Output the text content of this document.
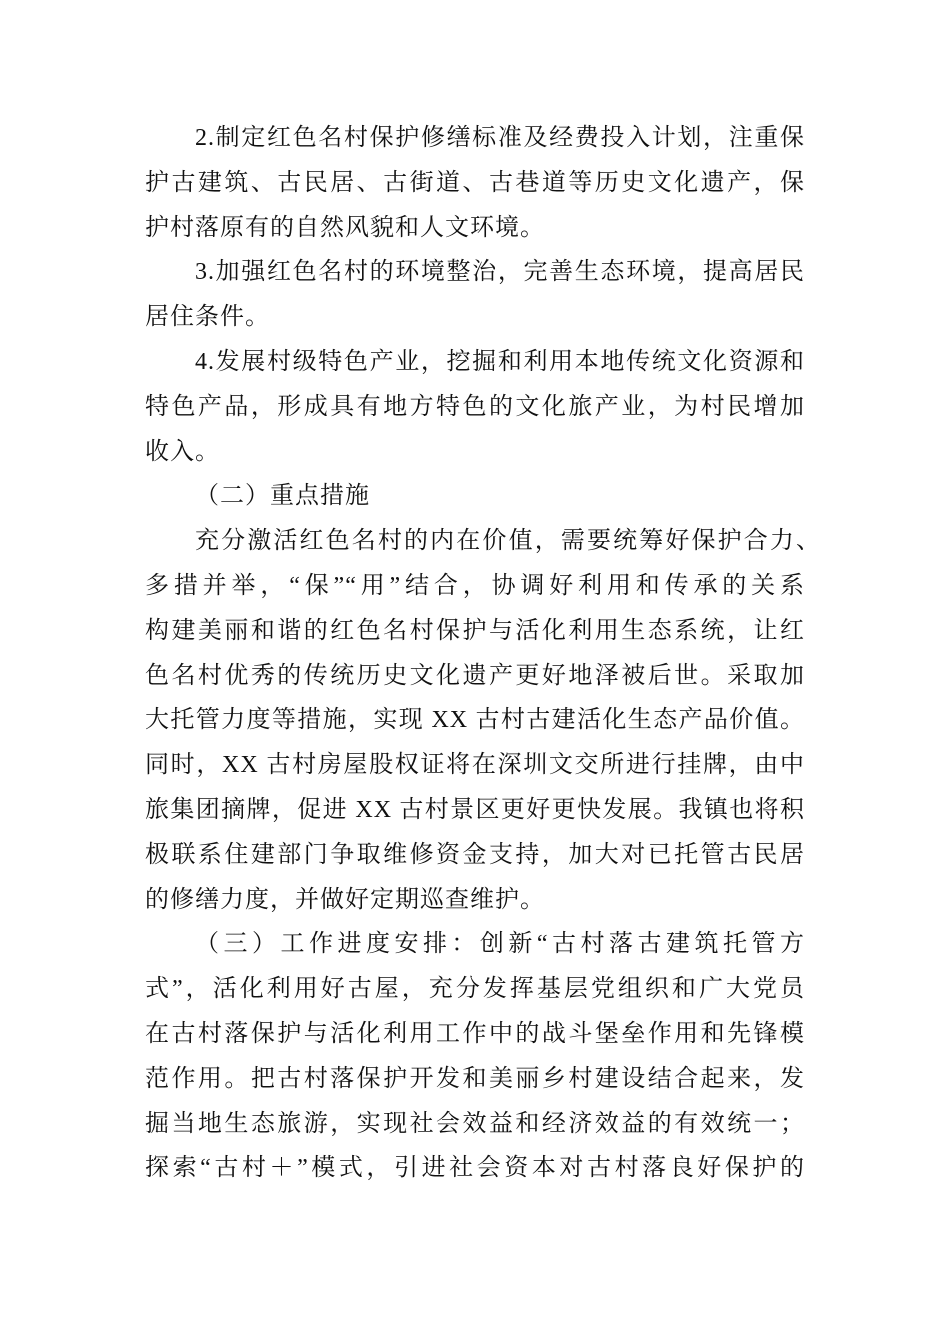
2.制定红色名村保护修缮标准及经费投入计划，注重保
护古建筑、古民居、古街道、古巷道等历史文化遗产，保
护村落原有的自然风貌和人文环境。
3.加强红色名村的环境整治，完善生态环境，提高居民
居住条件。
4.发展村级特色产业，挖掘和利用本地传统文化资源和
特色产品，形成具有地方特色的文化旅产业，为村民增加
收入。
（二）重点措施
充分激活红色名村的内在价值，需要统筹好保护合力、
多措并举，“保”“用”结合，协调好利用和传承的关系
构建美丽和谐的红色名村保护与活化利用生态系统，让红
色名村优秀的传统历史文化遗产更好地泽被后世。采取加
大托管力度等措施，实现 XX 古村古建活化生态产品价值。
同时，XX 古村房屋股权证将在深圳文交所进行挂牌，由中
旅集团摘牌，促进 XX 古村景区更好更快发展。我镇也将积
极联系住建部门争取维修资金支持，加大对已托管古民居
的修缮力度，并做好定期巡查维护。
（三）工作进度安排：创新“古村落古建筑托管方
式”，活化利用好古屋，充分发挥基层党组织和广大党员
在古村落保护与活化利用工作中的战斗堡垒作用和先锋模
范作用。把古村落保护开发和美丽乡村建设结合起来，发
掘当地生态旅游，实现社会效益和经济效益的有效统一；
探索“古村＋”模式，引进社会资本对古村落良好保护的
